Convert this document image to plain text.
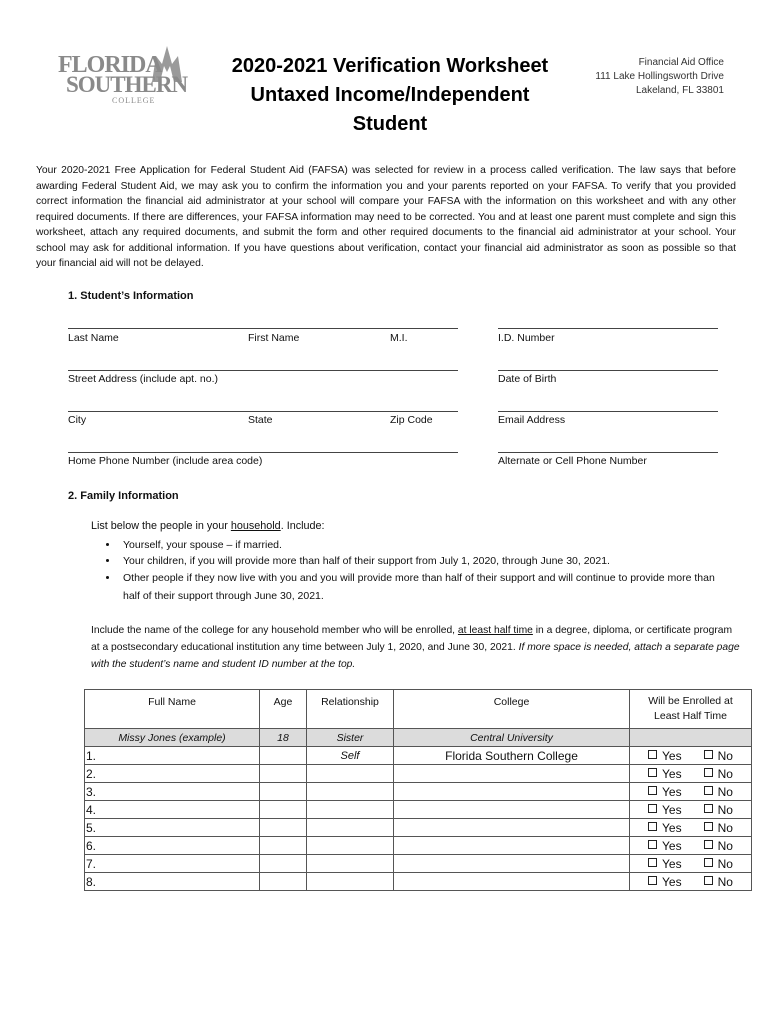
FLORIDA
SOUTHERN
COLLEGE
2020-2021 Verification Worksheet
Untaxed Income/Independent
Student
Financial Aid Office
111 Lake Hollingsworth Drive
Lakeland, FL 33801
Your 2020-2021 Free Application for Federal Student Aid (FAFSA) was selected for review in a process called verification. The law says that before awarding Federal Student Aid, we may ask you to confirm the information you and your parents reported on your FAFSA. To verify that you provided correct information the financial aid administrator at your school will compare your FAFSA with the information on this worksheet and with any other required documents. If there are differences, your FAFSA information may need to be corrected. You and at least one parent must complete and sign this worksheet, attach any required documents, and submit the form and other required documents to the financial aid administrator at your school. Your school may ask for additional information. If you have questions about verification, contact your financial aid administrator as soon as possible so that your financial aid will not be delayed.
1. Student’s Information
Last Name	First Name	M.I.	I.D. Number
Street Address (include apt. no.)	Date of Birth
City	State	Zip Code	Email Address
Home Phone Number (include area code)	Alternate or Cell Phone Number
2. Family Information
List below the people in your household. Include:
• Yourself, your spouse – if married.
• Your children, if you will provide more than half of their support from July 1, 2020, through June 30, 2021.
• Other people if they now live with you and you will provide more than half of their support and will continue to provide more than half of their support through June 30, 2021.
Include the name of the college for any household member who will be enrolled, at least half time in a degree, diploma, or certificate program at a postsecondary educational institution any time between July 1, 2020, and June 30, 2021. If more space is needed, attach a separate page with the student’s name and student ID number at the top.
Full Name	Age	Relationship	College	Will be Enrolled at Least Half Time
Missy Jones (example)	18	Sister	Central University	
1.		Self	Florida Southern College	Yes No
2.				Yes No
3.				Yes No
4.				Yes No
5.				Yes No
6.				Yes No
7.				Yes No
8.				Yes No
